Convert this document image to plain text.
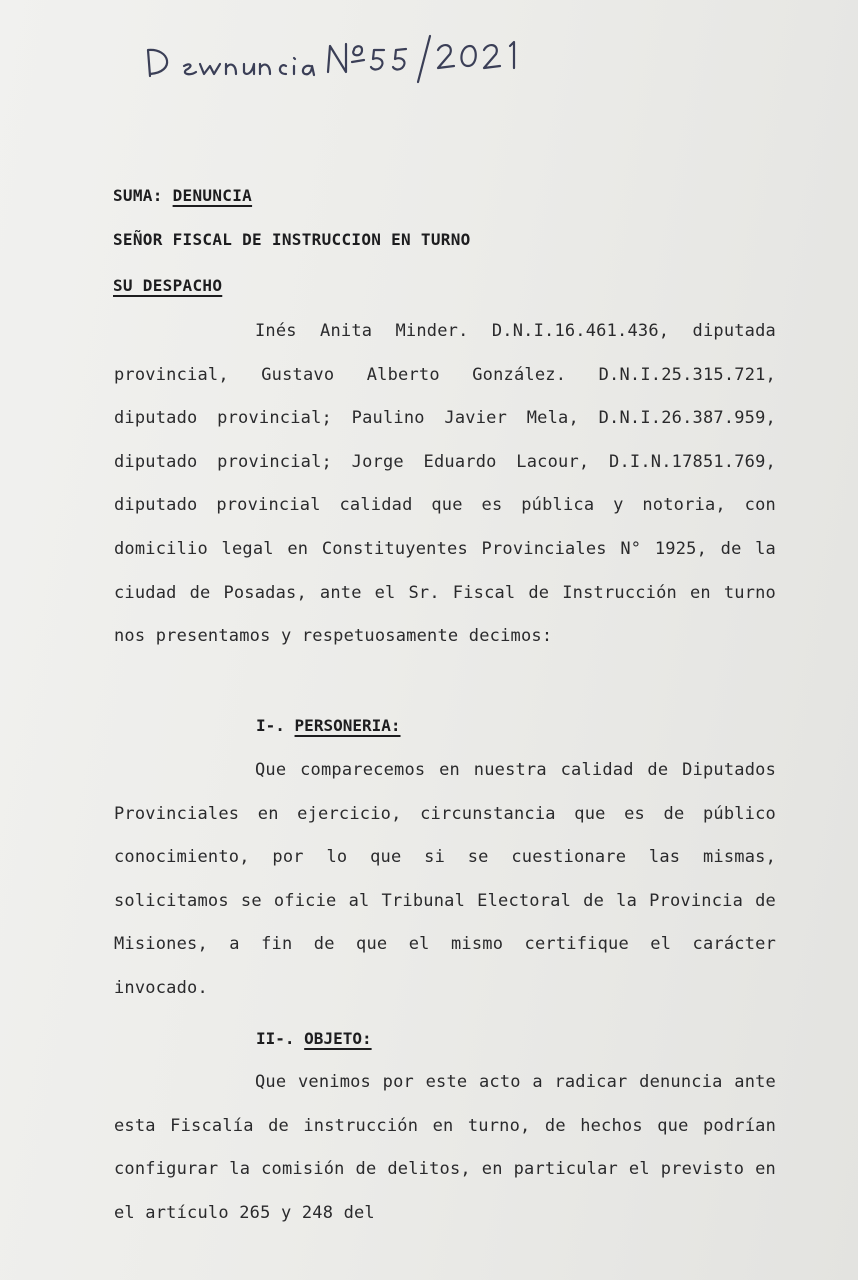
SUMA: DENUNCIA
SEÑOR FISCAL DE INSTRUCCION EN TURNO
SU DESPACHO
Inés Anita Minder. D.N.I.16.461.436, diputada provincial, Gustavo Alberto González. D.N.I.25.315.721, diputado provincial; Paulino Javier Mela, D.N.I.26.387.959, diputado provincial; Jorge Eduardo Lacour, D.I.N.17851.769, diputado provincial calidad que es pública y notoria, con domicilio legal en Constituyentes Provinciales N° 1925, de la ciudad de Posadas, ante el Sr. Fiscal de Instrucción en turno nos presentamos y respetuosamente decimos:
I-. PERSONERIA:
Que comparecemos en nuestra calidad de Diputados Provinciales en ejercicio, circunstancia que es de público conocimiento, por lo que si se cuestionare las mismas, solicitamos se oficie al Tribunal Electoral de la Provincia de Misiones, a fin de que el mismo certifique el carácter invocado.
II-. OBJETO:
Que venimos por este acto a radicar denuncia ante esta Fiscalía de instrucción en turno, de hechos que podrían configurar la comisión de delitos, en particular el previsto en el artículo 265 y 248 del
